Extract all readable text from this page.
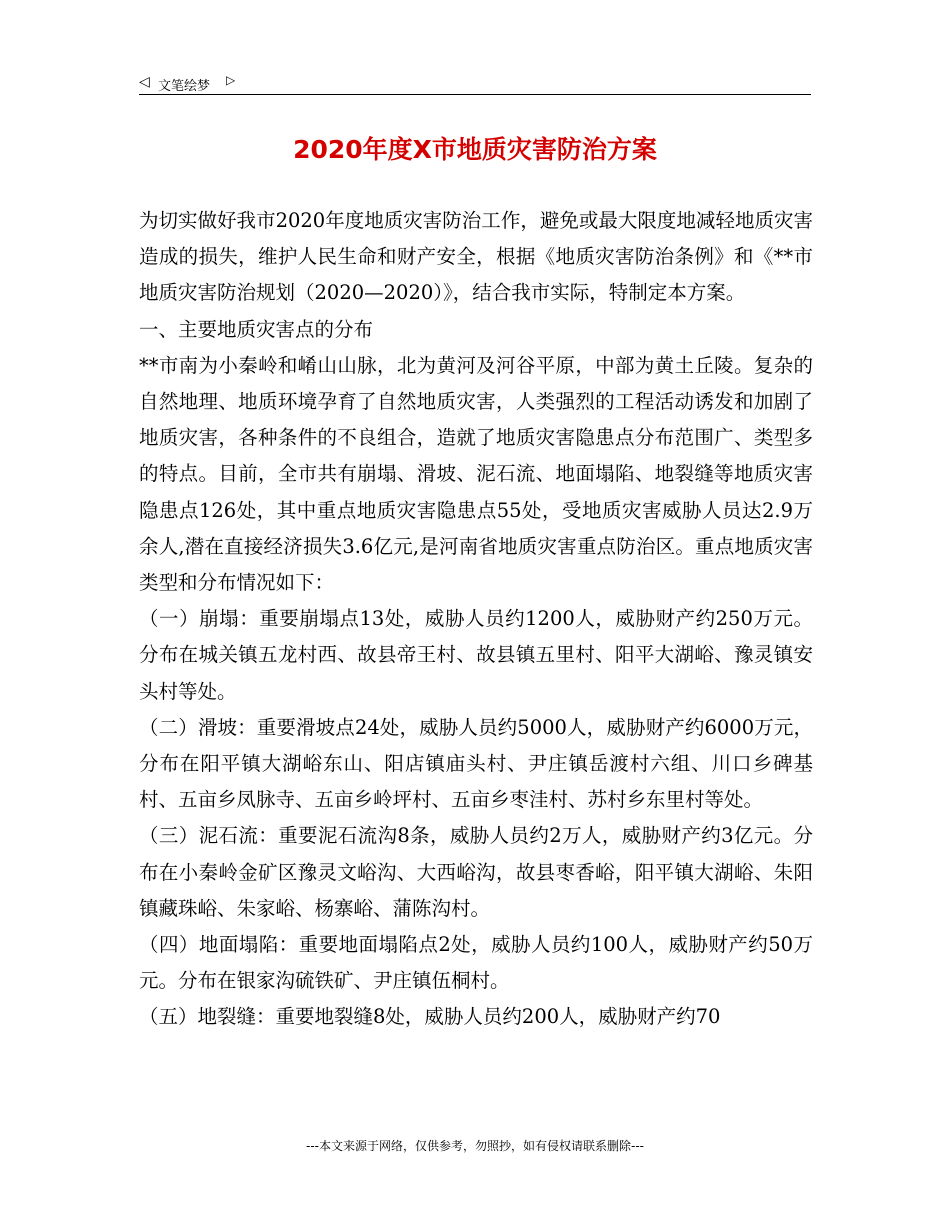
◁ 文笔绘梦 ▷
2020年度X市地质灾害防治方案

为切实做好我市2020年度地质灾害防治工作，避免或最大限度地减轻地质灾害造成的损失，维护人民生命和财产安全，根据《地质灾害防治条例》和《**市地质灾害防治规划（2020—2020）》，结合我市实际，特制定本方案。

一、主要地质灾害点的分布

**市南为小秦岭和崤山山脉，北为黄河及河谷平原，中部为黄土丘陵。复杂的自然地理、地质环境孕育了自然地质灾害，人类强烈的工程活动诱发和加剧了地质灾害，各种条件的不良组合，造就了地质灾害隐患点分布范围广、类型多的特点。目前，全市共有崩塌、滑坡、泥石流、地面塌陷、地裂缝等地质灾害隐患点126处，其中重点地质灾害隐患点55处，受地质灾害威胁人员达2.9万余人,潜在直接经济损失3.6亿元,是河南省地质灾害重点防治区。重点地质灾害类型和分布情况如下：

（一）崩塌：重要崩塌点13处，威胁人员约1200人，威胁财产约250万元。分布在城关镇五龙村西、故县帝王村、故县镇五里村、阳平大湖峪、豫灵镇安头村等处。

（二）滑坡：重要滑坡点24处，威胁人员约5000人，威胁财产约6000万元，分布在阳平镇大湖峪东山、阳店镇庙头村、尹庄镇岳渡村六组、川口乡碑基村、五亩乡凤脉寺、五亩乡岭坪村、五亩乡枣洼村、苏村乡东里村等处。

（三）泥石流：重要泥石流沟8条，威胁人员约2万人，威胁财产约3亿元。分布在小秦岭金矿区豫灵文峪沟、大西峪沟，故县枣香峪，阳平镇大湖峪、朱阳镇藏珠峪、朱家峪、杨寨峪、蒲陈沟村。

（四）地面塌陷：重要地面塌陷点2处，威胁人员约100人，威胁财产约50万元。分布在银家沟硫铁矿、尹庄镇伍桐村。

（五）地裂缝：重要地裂缝8处，威胁人员约200人，威胁财产约70

---本文来源于网络，仅供参考，勿照抄，如有侵权请联系删除---
